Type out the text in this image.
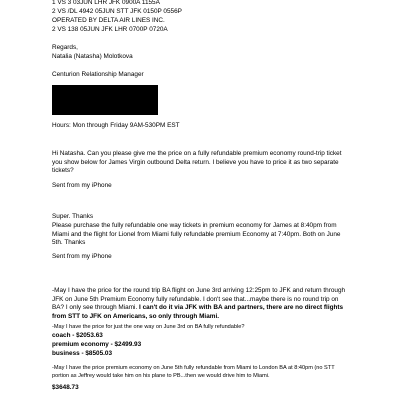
1 VS 3 03JUN LHR JFK 0900A 1155A
2 VS /DL 4942 05JUN STT JFK 0150P 0556P
OPERATED BY DELTA AIR LINES INC.
2 VS 138 05JUN JFK LHR 0700P 0720A
Regards,
Natalia (Natasha) Molotkova
Centurion Relationship Manager
Hours: Mon through Friday 9AM-530PM EST
Hi Natasha. Can you please give me the price on a fully refundable premium economy round-trip ticket you show below for James Virgin outbound Delta return. I believe you have to price it as two separate tickets?
Sent from my iPhone
Super. Thanks
Please purchase the fully refundable one way tickets in premium economy for James at 8:40pm from Miami and the flight for Lionel from Miami fully refundable premium Economy at 7:40pm. Both on June 5th. Thanks
Sent from my iPhone
-May I have the price for the round trip BA flight on June 3rd arriving 12:25pm to JFK and return through JFK on June 5th Premium Economy fully refundable. I don't see that...maybe there is no round trip on BA? I only see through Miami. I can't do it via JFK with BA and partners, there are no direct flights from STT to JFK on Americans, so only through Miami.
-May I have the price for just the one way on June 3rd on BA fully refundable?
coach - $2053.63
premium economy - $2499.93
business - $8505.03
-May I have the price premium economy on June 5th fully refundable from Miami to London BA at 8:40pm (no STT portion as Jeffrey would take him on his plane to PB...then we would drive him to Miami.
$3648.73
